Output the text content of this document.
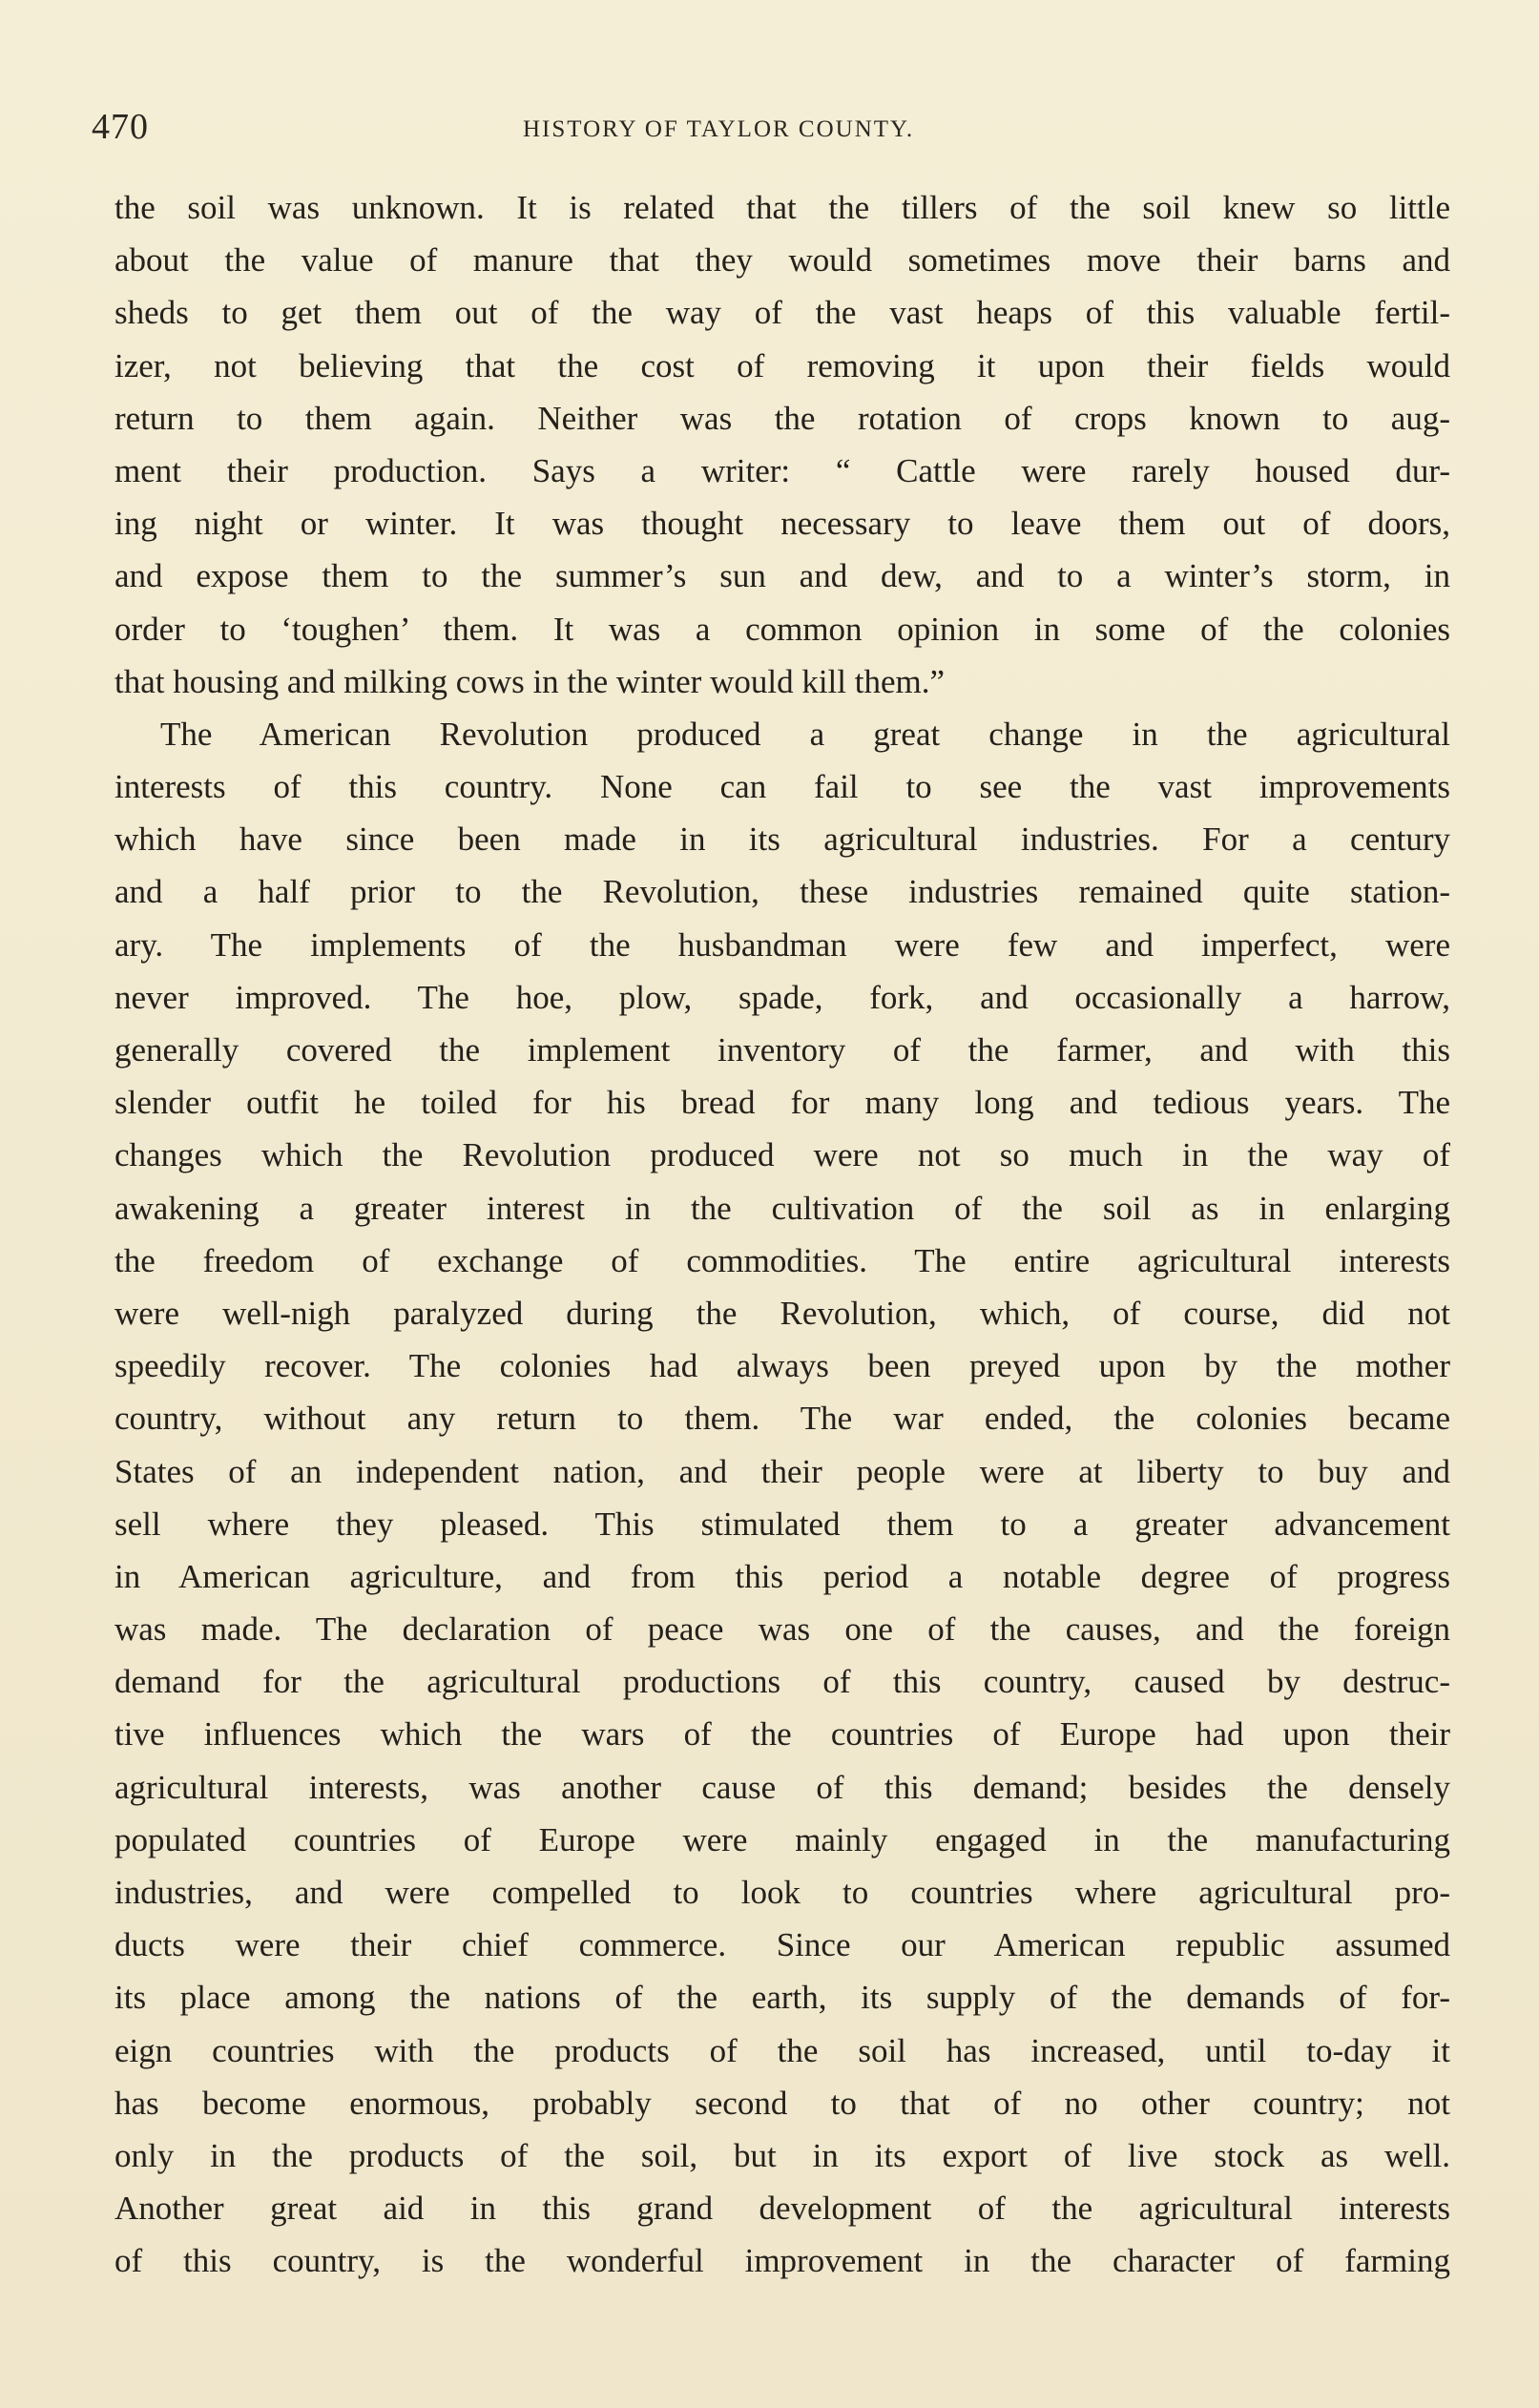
470	HISTORY OF TAYLOR COUNTY.
the soil was unknown. It is related that the tillers of the soil knew so little
about the value of manure that they would sometimes move their barns and
sheds to get them out of the way of the vast heaps of this valuable fertil-
izer, not believing that the cost of removing it upon their fields would
return to them again. Neither was the rotation of crops known to aug-
ment their production. Says a writer: “ Cattle were rarely housed dur-
ing night or winter. It was thought necessary to leave them out of doors,
and expose them to the summer’s sun and dew, and to a winter’s storm, in
order to ‘toughen’ them. It was a common opinion in some of the colonies
that housing and milking cows in the winter would kill them.”
The American Revolution produced a great change in the agricultural
interests of this country. None can fail to see the vast improvements
which have since been made in its agricultural industries. For a century
and a half prior to the Revolution, these industries remained quite station-
ary. The implements of the husbandman were few and imperfect, were
never improved. The hoe, plow, spade, fork, and occasionally a harrow,
generally covered the implement inventory of the farmer, and with this
slender outfit he toiled for his bread for many long and tedious years. The
changes which the Revolution produced were not so much in the way of
awakening a greater interest in the cultivation of the soil as in enlarging
the freedom of exchange of commodities. The entire agricultural interests
were well-nigh paralyzed during the Revolution, which, of course, did not
speedily recover. The colonies had always been preyed upon by the mother
country, without any return to them. The war ended, the colonies became
States of an independent nation, and their people were at liberty to buy and
sell where they pleased. This stimulated them to a greater advancement
in American agriculture, and from this period a notable degree of progress
was made. The declaration of peace was one of the causes, and the foreign
demand for the agricultural productions of this country, caused by destruc-
tive influences which the wars of the countries of Europe had upon their
agricultural interests, was another cause of this demand; besides the densely
populated countries of Europe were mainly engaged in the manufacturing
industries, and were compelled to look to countries where agricultural pro-
ducts were their chief commerce. Since our American republic assumed
its place among the nations of the earth, its supply of the demands of for-
eign countries with the products of the soil has increased, until to-day it
has become enormous, probably second to that of no other country; not
only in the products of the soil, but in its export of live stock as well.
Another great aid in this grand development of the agricultural interests
of this country, is the wonderful improvement in the character of farming
